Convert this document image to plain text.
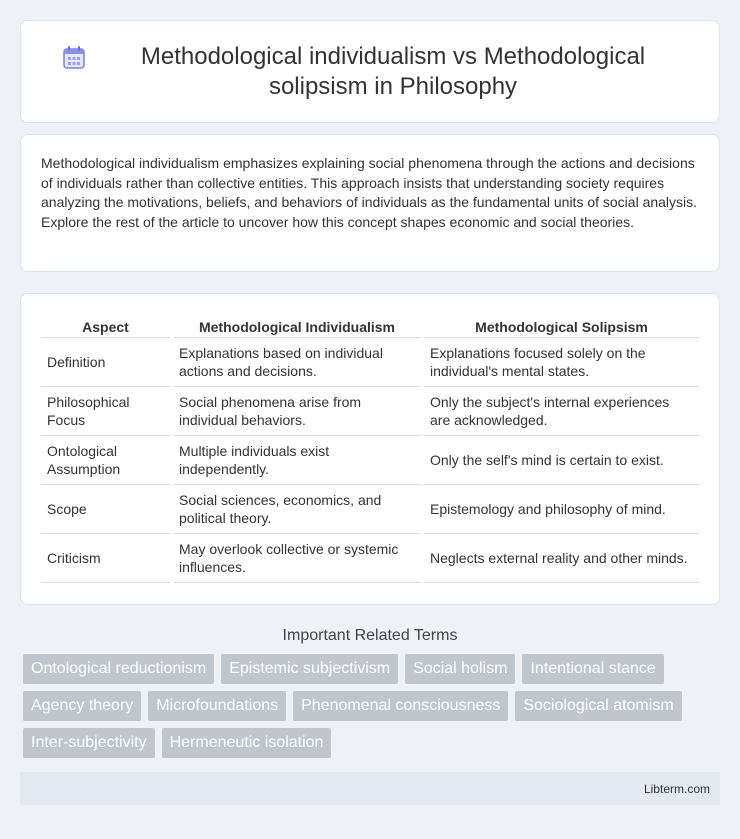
Methodological individualism vs Methodological solipsism in Philosophy

Methodological individualism emphasizes explaining social phenomena through the actions and decisions of individuals rather than collective entities. This approach insists that understanding society requires analyzing the motivations, beliefs, and behaviors of individuals as the fundamental units of social analysis. Explore the rest of the article to uncover how this concept shapes economic and social theories.

Aspect	Methodological Individualism	Methodological Solipsism
Definition	Explanations based on individual actions and decisions.	Explanations focused solely on the individual's mental states.
Philosophical Focus	Social phenomena arise from individual behaviors.	Only the subject's internal experiences are acknowledged.
Ontological Assumption	Multiple individuals exist independently.	Only the self's mind is certain to exist.
Scope	Social sciences, economics, and political theory.	Epistemology and philosophy of mind.
Criticism	May overlook collective or systemic influences.	Neglects external reality and other minds.
Important Related Terms
Ontological reductionism	Epistemic subjectivism	Social holism	Intentional stance
Agency theory	Microfoundations	Phenomenal consciousness	Sociological atomism
Inter-subjectivity	Hermeneutic isolation
Libterm.com
